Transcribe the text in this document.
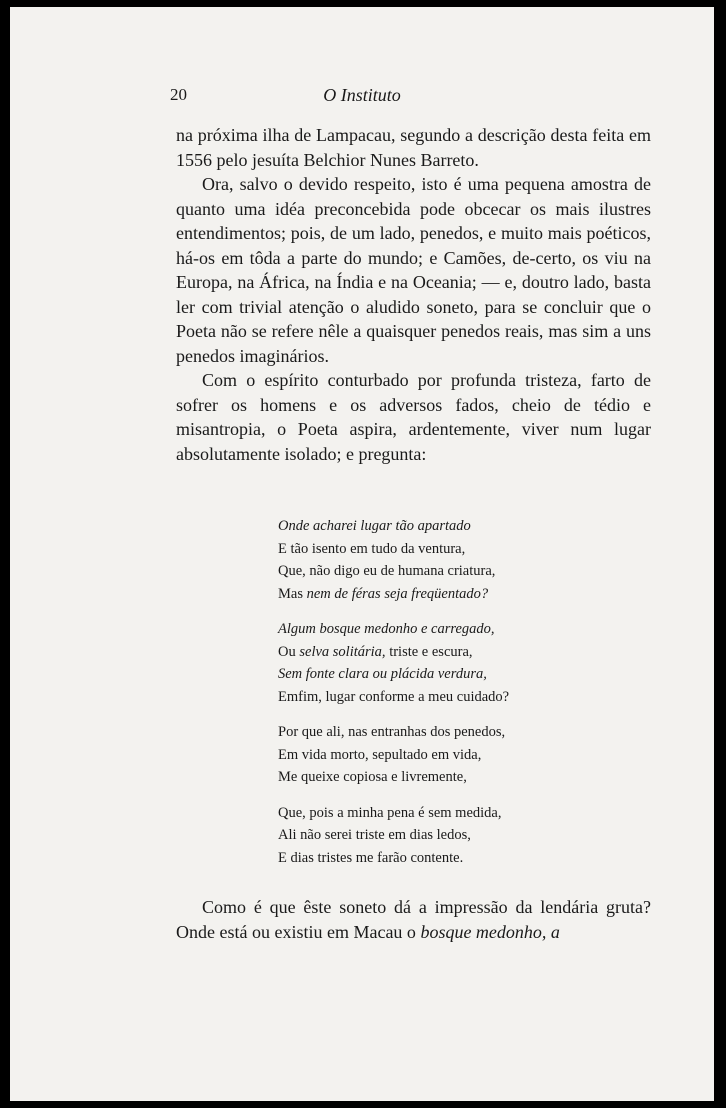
20	O Instituto

na próxima ilha de Lampacau, segundo a descrição desta feita em 1556 pelo jesuíta Belchior Nunes Barreto.

Ora, salvo o devido respeito, isto é uma pequena amostra de quanto uma idéa preconcebida pode obcecar os mais ilustres entendimentos; pois, de um lado, penedos, e muito mais poéticos, há-os em tôda a parte do mundo; e Camões, de-certo, os viu na Europa, na África, na Índia e na Oceania; — e, doutro lado, basta ler com trivial atenção o aludido soneto, para se concluir que o Poeta não se refere nêle a quaisquer penedos reais, mas sim a uns penedos imaginários.

Com o espírito conturbado por profunda tristeza, farto de sofrer os homens e os adversos fados, cheio de tédio e misantropia, o Poeta aspira, ardentemente, viver num lugar absolutamente isolado; e pregunta:

Onde acharei lugar tão apartado
E tão isento em tudo da ventura,
Que, não digo eu de humana criatura,
Mas nem de féras seja freqüentado?
Algum bosque medonho e carregado,
Ou selva solitária, triste e escura,
Sem fonte clara ou plácida verdura,
Emfim, lugar conforme a meu cuidado?
Por que ali, nas entranhas dos penedos,
Em vida morto, sepultado em vida,
Me queixe copiosa e livremente,
Que, pois a minha pena é sem medida,
Ali não serei triste em dias ledos,
E dias tristes me farão contente.

Como é que êste soneto dá a impressão da lendária gruta? Onde está ou existiu em Macau o bosque medonho, a
